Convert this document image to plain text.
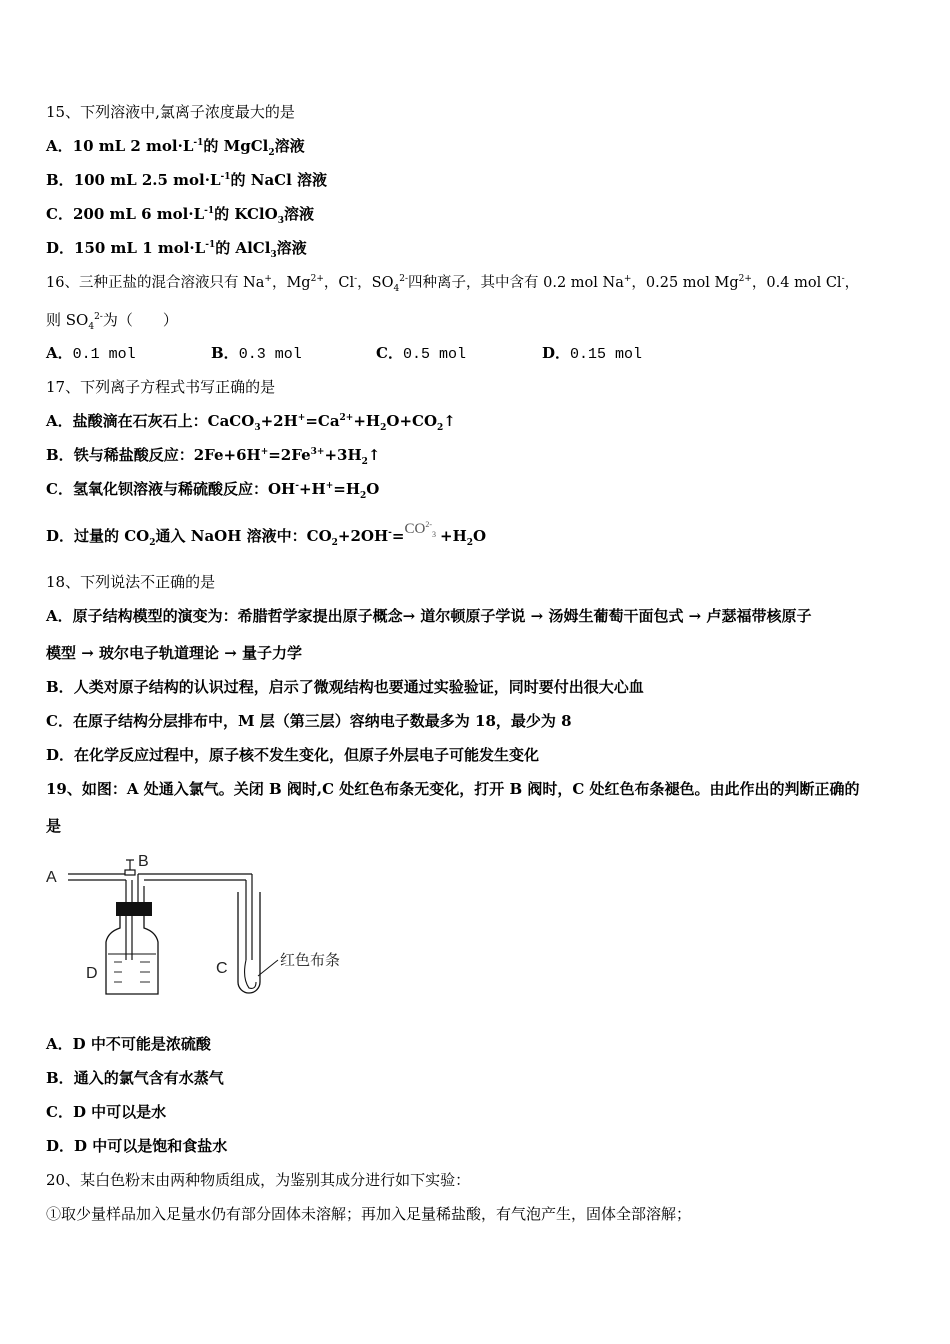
15、下列溶液中,氯离子浓度最大的是
A．10 mL 2 $mol\cdot L^{-1}$的 MgCl$_2$溶液
B．100 mL 2.5 $mol\cdot L^{-1}$的 NaCl 溶液
C．200 mL 6 $mol\cdot L^{-1}$的 KClO$_3$溶液
D．150 mL 1 $mol\cdot L^{-1}$的 AlCl$_3$溶液
16、三种正盐的混合溶液只有 Na+，$Mg^{2+}$，Cl-，$SO_4^{2-}$四种离子，其中含有 0.2 mol Na+，0.25 mol $Mg^{2+}$，0.4 mol Cl-，
则 $SO_4^{2-}$为（　　）
A．0.1 mol	B．0.3 mol	C．0.5 mol	D．0.15 mol
17、下列离子方程式书写正确的是
A．盐酸滴在石灰石上：$CaCO_3+2H^+=Ca^{2+}+H_2O+CO_2↑$
B．铁与稀盐酸反应：$2Fe+6H^+=2Fe^{3+}+3H_2↑$
C．氢氧化钡溶液与稀硫酸反应：$OH^-+H^+=H_2O$
D．过量的 $CO_2$通入 NaOH 溶液中：$CO_2+2OH^-=CO^{2-}_3 +H_2O$
18、下列说法不正确的是
A．原子结构模型的演变为：希腊哲学家提出原子概念→ 道尔顿原子学说 → 汤姆生葡萄干面包式 → 卢瑟福带核原子
模型 → 玻尔电子轨道理论 → 量子力学
B．人类对原子结构的认识过程，启示了微观结构也要通过实验验证，同时要付出很大心血
C．在原子结构分层排布中，M 层（第三层）容纳电子数最多为 18，最少为 8
D．在化学反应过程中，原子核不发生变化，但原子外层电子可能发生变化
19、如图：A 处通入氯气。关闭 B 阀时,C 处红色布条无变化，打开 B 阀时，C 处红色布条褪色。由此作出的判断正确的
是
A
B
C
D
红色布条
A．D 中不可能是浓硫酸
B．通入的氯气含有水蒸气
C．D 中可以是水
D．D 中可以是饱和食盐水
20、某白色粉末由两种物质组成，为鉴别其成分进行如下实验：
①取少量样品加入足量水仍有部分固体未溶解；再加入足量稀盐酸，有气泡产生，固体全部溶解；
